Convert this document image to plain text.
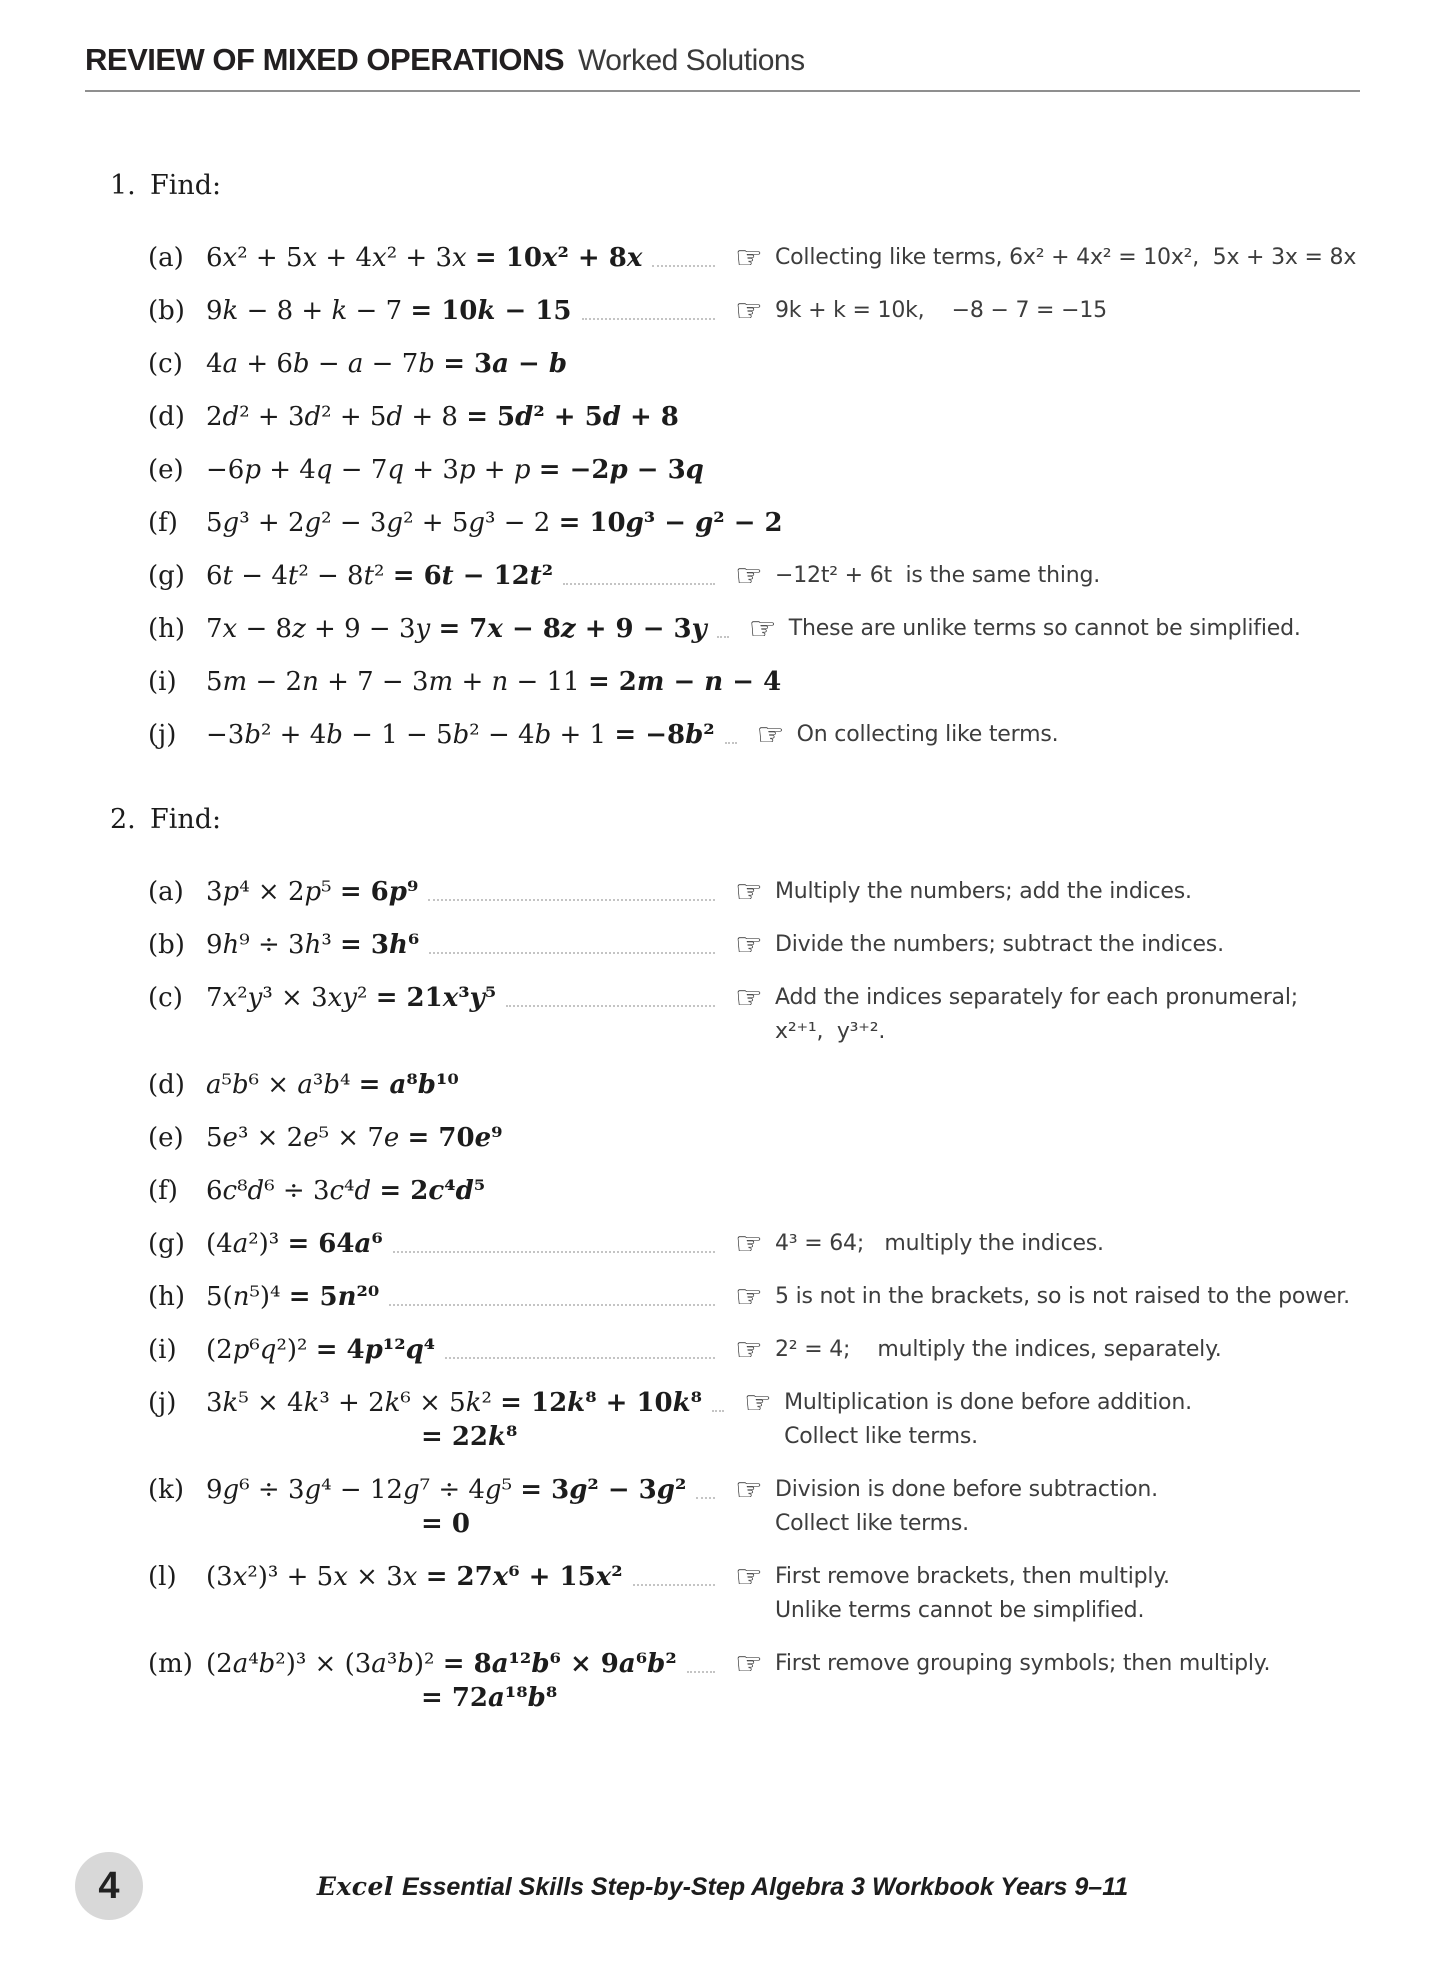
REVIEW OF MIXED OPERATIONS Worked Solutions
1. Find:
(a) 6x² + 5x + 4x² + 3x = 10x² + 8x	☞ Collecting like terms, 6x² + 4x² = 10x²,  5x + 3x = 8x
(b) 9k − 8 + k − 7 = 10k − 15	☞ 9k + k = 10k,    −8 − 7 = −15
(c) 4a + 6b − a − 7b = 3a − b
(d) 2d² + 3d² + 5d + 8 = 5d² + 5d + 8
(e) −6p + 4q − 7q + 3p + p = −2p − 3q
(f)	5g³ + 2g² − 3g² + 5g³ − 2 = 10g³ − g² − 2
(g) 6t − 4t² − 8t² = 6t − 12t²	☞ −12t² + 6t  is the same thing.
(h) 7x − 8z + 9 − 3y = 7x − 8z + 9 − 3y	☞ These are unlike terms so cannot be simplified.
(i)	5m − 2n + 7 − 3m + n − 11 = 2m − n − 4
(j)	−3b² + 4b − 1 − 5b² − 4b + 1 = −8b²	☞ On collecting like terms.
2. Find:
(a) 3p⁴ × 2p⁵ = 6p⁹	☞ Multiply the numbers; add the indices.
(b) 9h⁹ ÷ 3h³ = 3h⁶	☞ Divide the numbers; subtract the indices.
(c) 7x²y³ × 3xy² = 21x³y⁵	☞ Add the indices separately for each pronumeral;
x²⁺¹,  y³⁺².
(d) a⁵b⁶ × a³b⁴ = a⁸b¹⁰
(e) 5e³ × 2e⁵ × 7e = 70e⁹
(f)	6c⁸d⁶ ÷ 3c⁴d = 2c⁴d⁵
(g) (4a²)³ = 64a⁶	☞ 4³ = 64;   multiply the indices.
(h) 5(n⁵)⁴ = 5n²⁰	☞ 5 is not in the brackets, so is not raised to the power.
(i)	(2p⁶q²)² = 4p¹²q⁴	☞ 2² = 4;    multiply the indices, separately.
(j)	3k⁵ × 4k³ + 2k⁶ × 5k² = 12k⁸ + 10k⁸
= 22k⁸
☞ Multiplication is done before addition.
Collect like terms.
(k) 9g⁶ ÷ 3g⁴ − 12g⁷ ÷ 4g⁵ = 3g² − 3g²
= 0
☞ Division is done before subtraction.
Collect like terms.
(l)	(3x²)³ + 5x × 3x = 27x⁶ + 15x²	☞ First remove brackets, then multiply.
Unlike terms cannot be simplified.
(m) (2a⁴b²)³ × (3a³b)² = 8a¹²b⁶ × 9a⁶b²
= 72a¹⁸b⁸
☞ First remove grouping symbols; then multiply.
4	Excel Essential Skills Step-by-Step Algebra 3 Workbook Years 9–11
